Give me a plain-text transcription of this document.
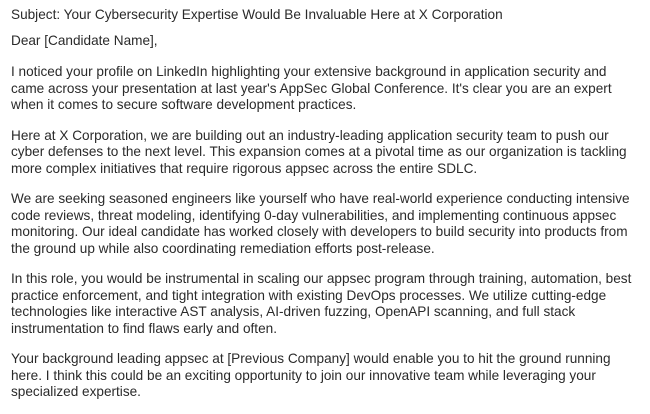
Subject: Your Cybersecurity Expertise Would Be Invaluable Here at X Corporation

Dear [Candidate Name],

I noticed your profile on LinkedIn highlighting your extensive background in application security and came across your presentation at last year's AppSec Global Conference. It's clear you are an expert when it comes to secure software development practices.

Here at X Corporation, we are building out an industry-leading application security team to push our cyber defenses to the next level. This expansion comes at a pivotal time as our organization is tackling more complex initiatives that require rigorous appsec across the entire SDLC.

We are seeking seasoned engineers like yourself who have real-world experience conducting intensive code reviews, threat modeling, identifying 0-day vulnerabilities, and implementing continuous appsec monitoring. Our ideal candidate has worked closely with developers to build security into products from the ground up while also coordinating remediation efforts post-release.

In this role, you would be instrumental in scaling our appsec program through training, automation, best practice enforcement, and tight integration with existing DevOps processes. We utilize cutting-edge technologies like interactive AST analysis, AI-driven fuzzing, OpenAPI scanning, and full stack instrumentation to find flaws early and often.

Your background leading appsec at [Previous Company] would enable you to hit the ground running here. I think this could be an exciting opportunity to join our innovative team while leveraging your specialized expertise.
